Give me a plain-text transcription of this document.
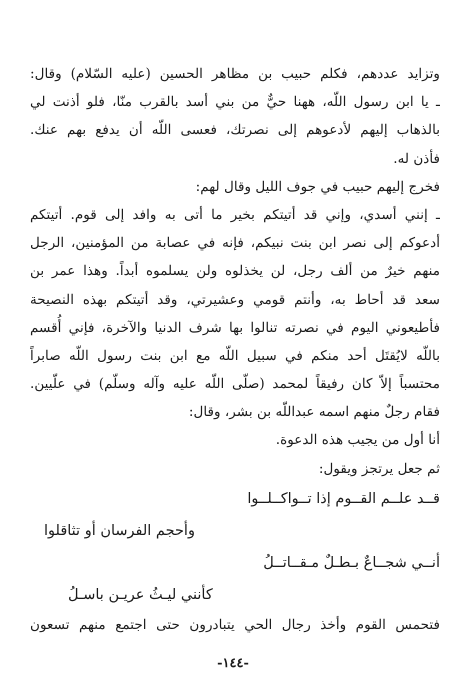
وتزايد عددهم، فكلم حبيب بن مظاهر الحسين (عليه السّلام) وقال:
ـ يا ابن رسول اللّه، ههنا حيٌّ من بني أسد بالقرب منّا، فلو أذنت لي
بالذهاب إليهم لأدعوهم إلى نصرتك، فعسى اللّه أن يدفع بهم عنك.
فأذن له.
فخرج إليهم حبيب في جوف الليل وقال لهم:
ـ إنني أسدي، وإني قد أتيتكم بخير ما أتى به وافد إلى قوم. أتيتكم
أدعوكم إلى نصر ابن بنت نبيكم، فإنه في عصابة من المؤمنين، الرجل
منهم خيرٌ من ألف رجل، لن يخذلوه ولن يسلموه أبداً. وهذا عمر بن
سعد قد أحاط به، وأنتم قومي وعشيرتي، وقد أتيتكم بهذه النصيحة
فأطيعوني اليوم في نصرته تنالوا بها شرف الدنيا والآخرة، فإني أُقسم
باللّه لايُقتَل أحد منكم في سبيل اللّه مع ابن بنت رسول اللّه صابراً
محتسباً إلاّ كان رفيقاً لمحمد (صلّى اللّه عليه وآله وسلّم) في علّيين.
فقام رجلٌ منهم اسمه عبداللّه بن بشر، وقال:
أنا أول من يجيب هذه الدعوة.
ثم جعل يرتجز ويقول:
قــد علــم القــوم إذا تــواكــلــوا
وأحجم الفرسان أو تثاقلوا
أنــي شجــاعٌ بـطـلٌ مـقــاتــلُ
كأنني ليـثُ عريـن باسـلُ
فتحمس القوم وأخذ رجال الحي يتبادرون حتى اجتمع منهم تسعون
-١٤٤-
